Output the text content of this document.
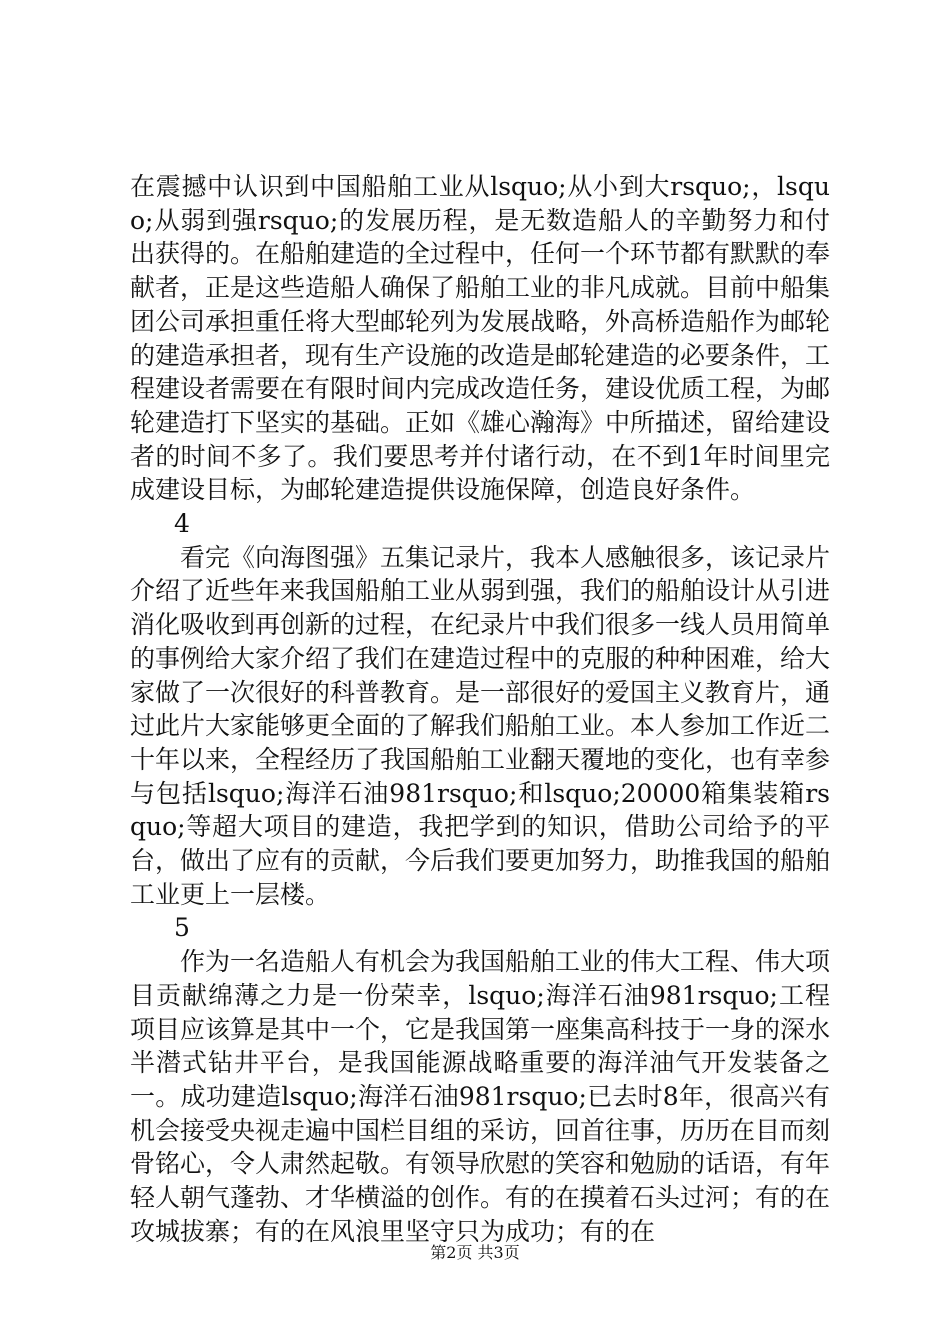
在震撼中认识到中国船舶工业从lsquo;从小到大rsquo;，lsquo;从弱到强rsquo;的发展历程，是无数造船人的辛勤努力和付出获得的。在船舶建造的全过程中，任何一个环节都有默默的奉献者，正是这些造船人确保了船舶工业的非凡成就。目前中船集团公司承担重任将大型邮轮列为发展战略，外高桥造船作为邮轮的建造承担者，现有生产设施的改造是邮轮建造的必要条件，工程建设者需要在有限时间内完成改造任务，建设优质工程，为邮轮建造打下坚实的基础。正如《雄心瀚海》中所描述，留给建设者的时间不多了。我们要思考并付诸行动，在不到1年时间里完成建设目标，为邮轮建造提供设施保障，创造良好条件。

4

看完《向海图强》五集记录片，我本人感触很多，该记录片介绍了近些年来我国船舶工业从弱到强，我们的船舶设计从引进消化吸收到再创新的过程，在纪录片中我们很多一线人员用简单的事例给大家介绍了我们在建造过程中的克服的种种困难，给大家做了一次很好的科普教育。是一部很好的爱国主义教育片，通过此片大家能够更全面的了解我们船舶工业。本人参加工作近二十年以来，全程经历了我国船舶工业翻天覆地的变化，也有幸参与包括lsquo;海洋石油981rsquo;和lsquo;20000箱集装箱rsquo;等超大项目的建造，我把学到的知识，借助公司给予的平台，做出了应有的贡献，今后我们要更加努力，助推我国的船舶工业更上一层楼。

5

作为一名造船人有机会为我国船舶工业的伟大工程、伟大项目贡献绵薄之力是一份荣幸，lsquo;海洋石油981rsquo;工程项目应该算是其中一个，它是我国第一座集高科技于一身的深水半潜式钻井平台，是我国能源战略重要的海洋油气开发装备之一。成功建造lsquo;海洋石油981rsquo;已去时8年，很高兴有机会接受央视走遍中国栏目组的采访，回首往事，历历在目而刻骨铭心，令人肃然起敬。有领导欣慰的笑容和勉励的话语，有年轻人朝气蓬勃、才华横溢的创作。有的在摸着石头过河；有的在攻城拔寨；有的在风浪里坚守只为成功；有的在

第2页 共3页
